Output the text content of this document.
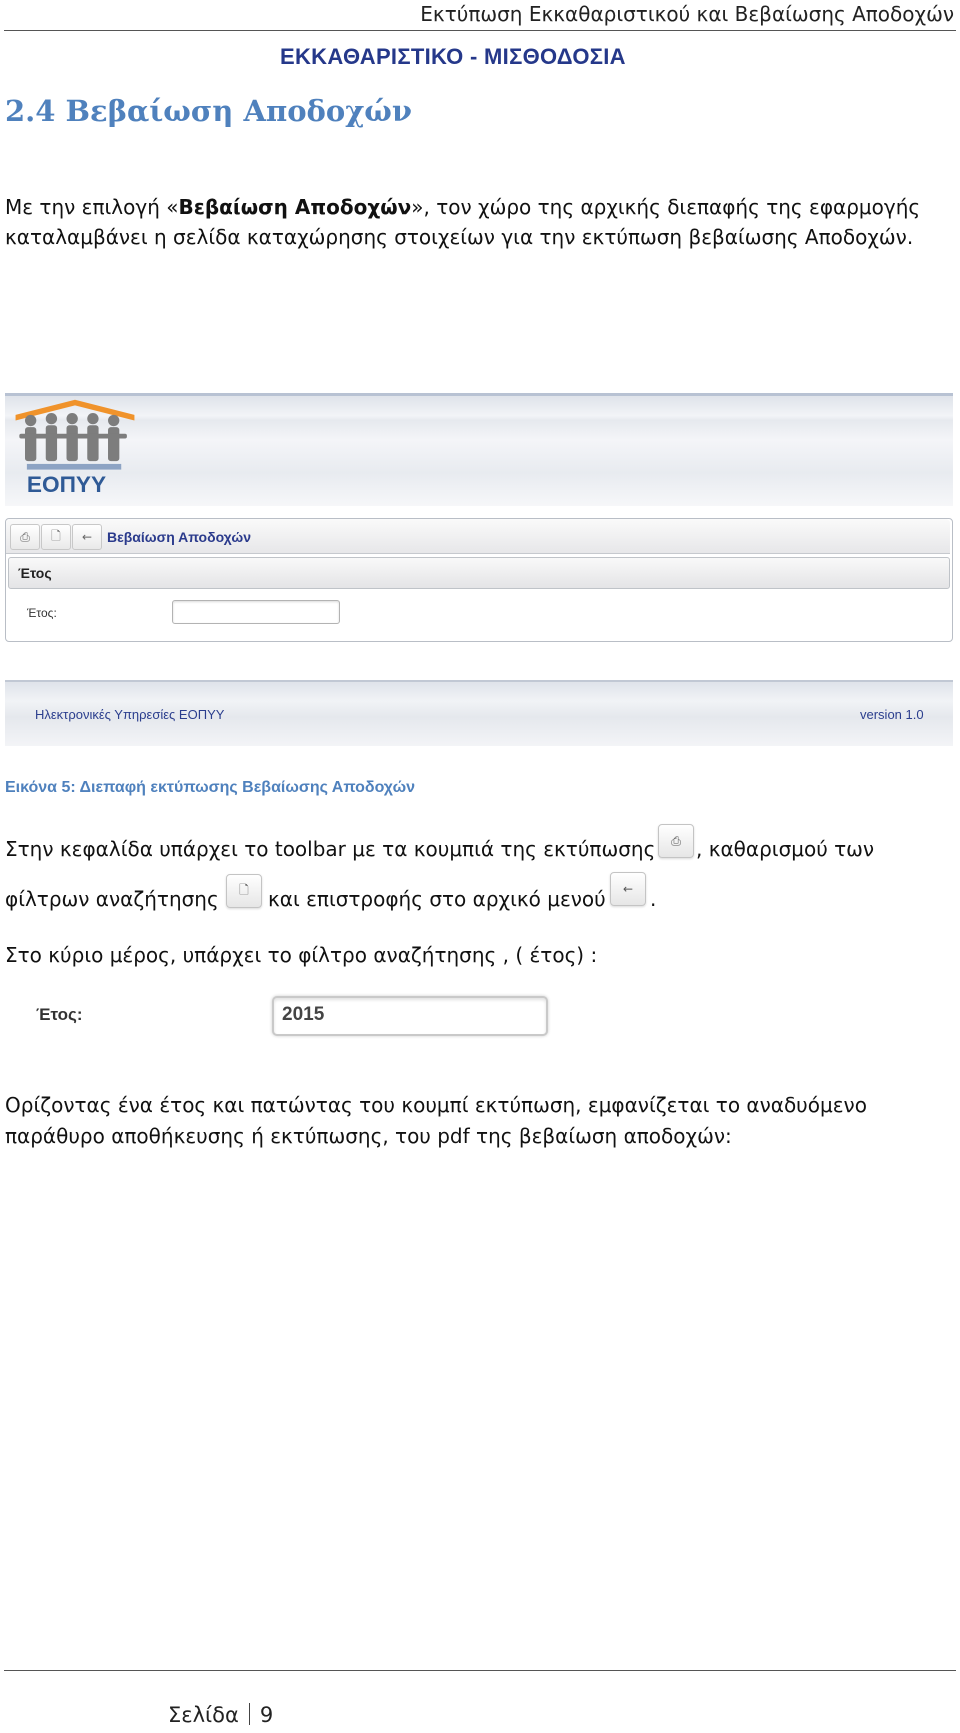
Εκτύπωση Εκκαθαριστικού και Βεβαίωσης Αποδοχών
2.4 Βεβαίωση Αποδοχών
Με την επιλογή «Βεβαίωση Αποδοχών», τον χώρο της αρχικής διεπαφής της εφαρμογής
καταλαμβάνει η σελίδα καταχώρησης στοιχείων για την εκτύπωση βεβαίωσης Αποδοχών.
ΕΟΠΥΥ
ΕΚΚΑΘΑΡΙΣΤΙΚΟ - ΜΙΣΘΟΔΟΣΙΑ
⎙ 🗋 ← Βεβαίωση Αποδοχών
Έτος
Έτος:
Ηλεκτρονικές Υπηρεσίες ΕΟΠΥΥ	version 1.0
Εικόνα 5: Διεπαφή εκτύπωσης Βεβαίωσης Αποδοχών
Στην κεφαλίδα υπάρχει το toolbar με τα κουμπιά της εκτύπωσης ⎙ , καθαρισμού των
φίλτρων αναζήτησης 🗋 και επιστροφής στο αρχικό μενού ← .
Στο κύριο μέρος, υπάρχει το φίλτρο αναζήτησης , ( έτος) :
Έτος:	2015
Ορίζοντας ένα έτος και πατώντας του κουμπί εκτύπωση, εμφανίζεται το αναδυόμενο
παράθυρο αποθήκευσης ή εκτύπωσης, του pdf της βεβαίωση αποδοχών:
Σελίδα 9
